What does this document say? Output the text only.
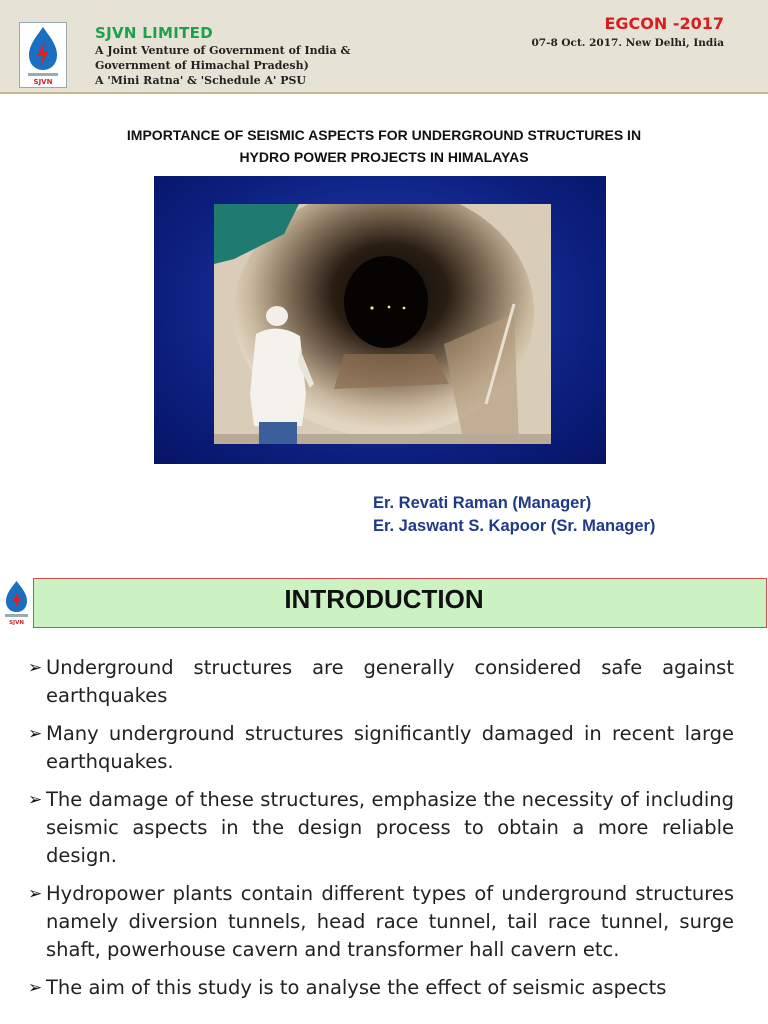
SJVN
SJVN LIMITED
A Joint Venture of Government of India &
Government of Himachal Pradesh)
A 'Mini Ratna' & 'Schedule A' PSU
EGCON -2017
07-8 Oct. 2017. New Delhi, India
IMPORTANCE OF SEISMIC ASPECTS FOR UNDERGROUND STRUCTURES IN
HYDRO POWER PROJECTS IN HIMALAYAS
Er. Revati Raman (Manager)
Er. Jaswant S. Kapoor (Sr. Manager)
SJVN
INTRODUCTION
➢ Underground structures are generally considered safe against earthquakes
➢ Many underground structures significantly damaged in recent large earthquakes.
➢ The damage of these structures, emphasize the necessity of including seismic aspects in the design process to obtain a more reliable design.
➢ Hydropower plants contain different types of underground structures namely diversion tunnels, head race tunnel, tail race tunnel, surge shaft, powerhouse cavern and transformer hall cavern etc.
➢ The aim of this study is to analyse the effect of seismic aspects
